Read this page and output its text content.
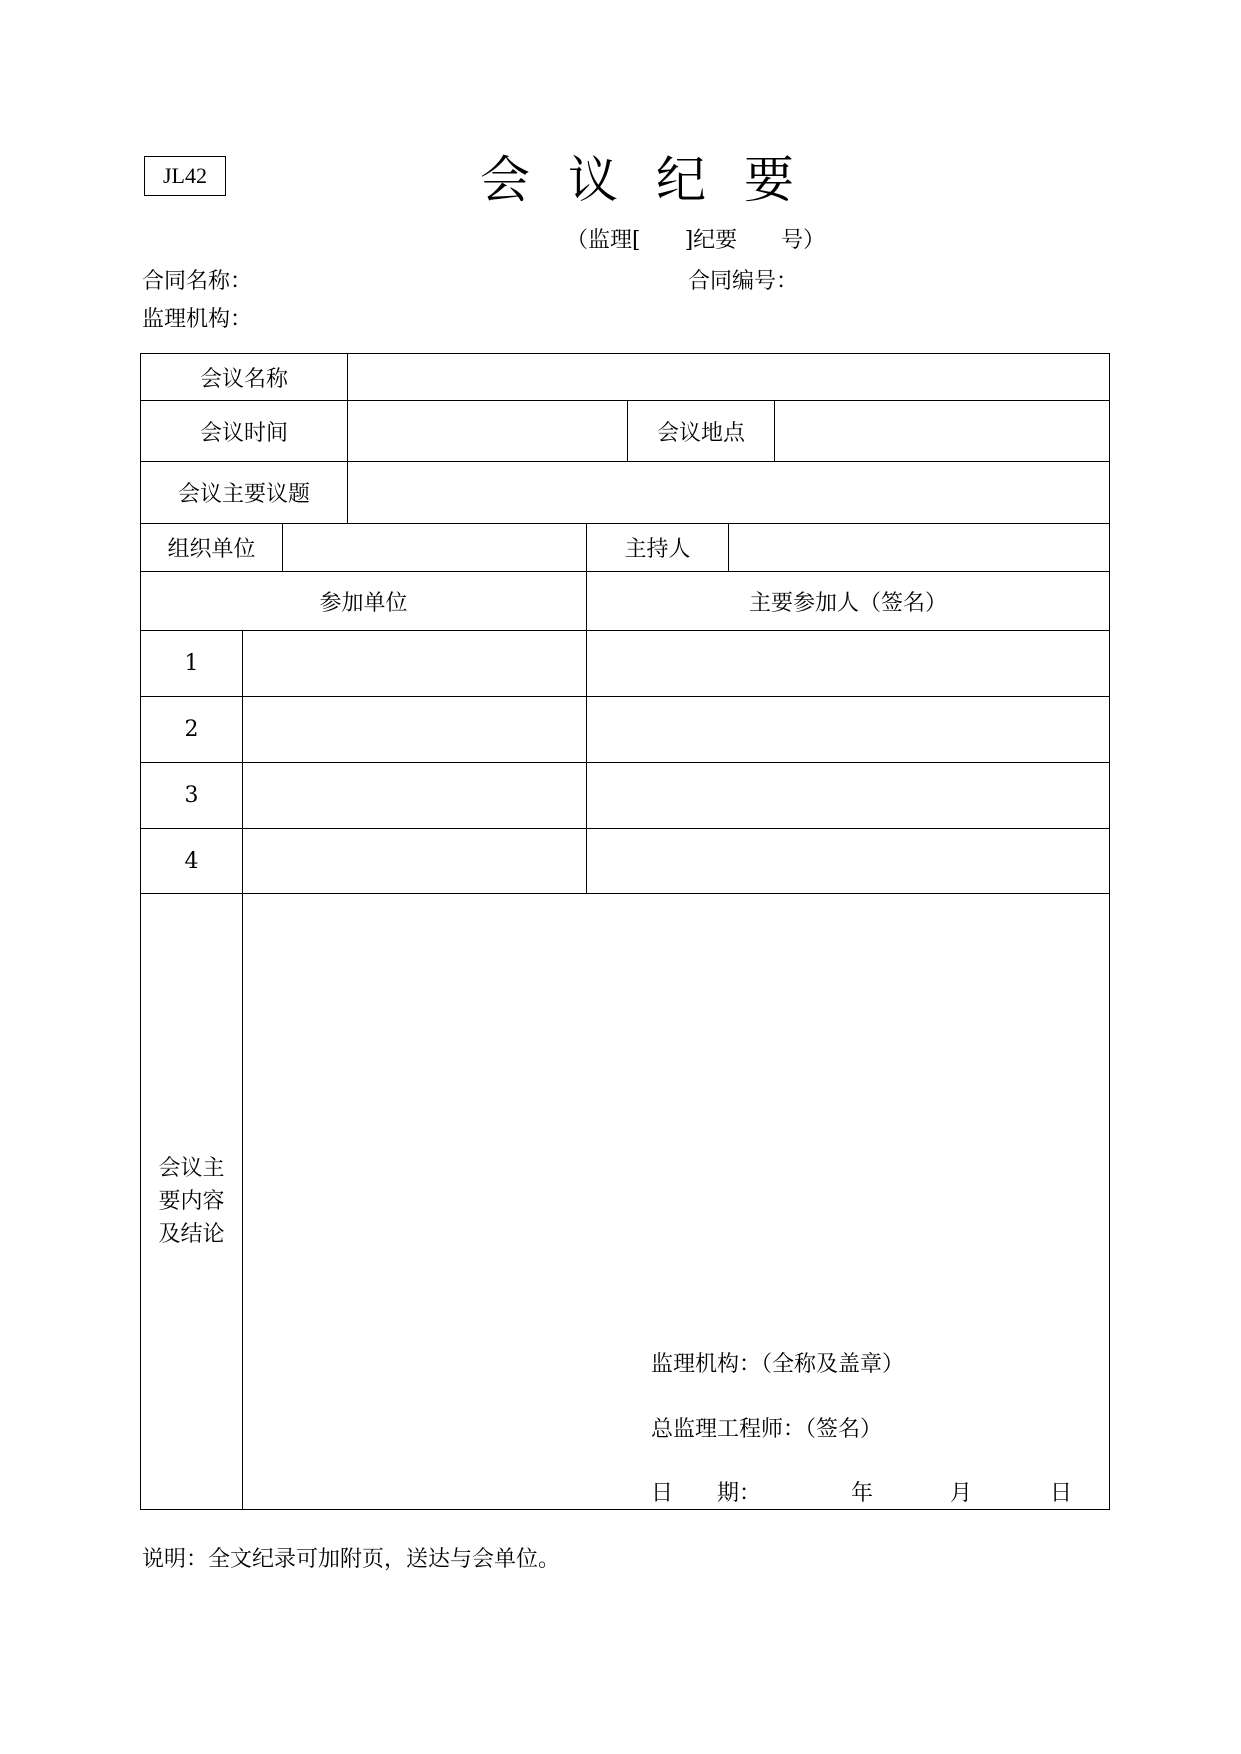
JL42	会议纪要
（监理[　　]纪要　　号）
合同名称：	合同编号：
监理机构：
会议名称
会议时间	会议地点
会议主要议题
组织单位	主持人
参加单位	主要参加人（签名）
1
2
3
4
会议主要内容及结论
监理机构：（全称及盖章）
总监理工程师：（签名）
日　　期：	年	月	日
说明：全文纪录可加附页，送达与会单位。
